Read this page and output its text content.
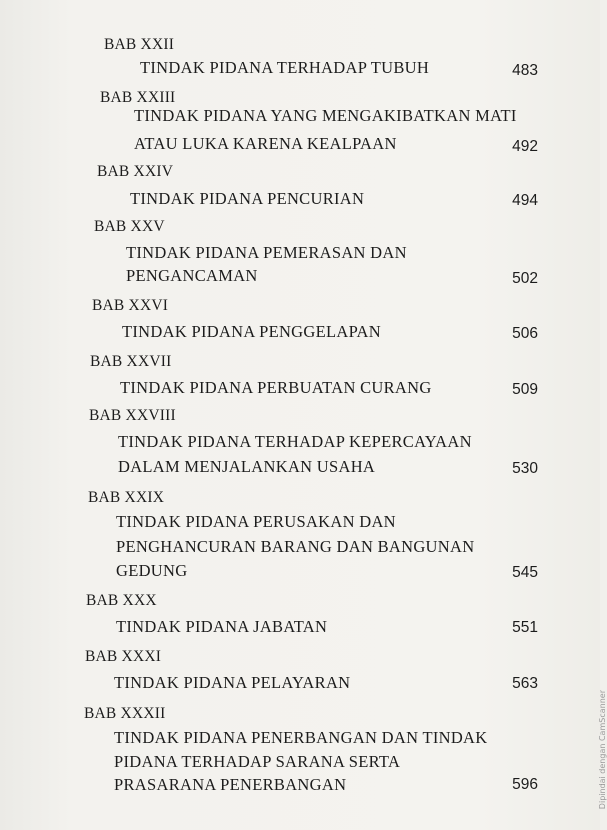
BAB XXII
TINDAK PIDANA TERHADAP TUBUH	483
BAB XXIII
TINDAK PIDANA YANG MENGAKIBATKAN MATI
ATAU LUKA KARENA KEALPAAN	492
BAB XXIV
TINDAK PIDANA PENCURIAN	494
BAB XXV
TINDAK PIDANA PEMERASAN DAN
PENGANCAMAN	502
BAB XXVI
TINDAK PIDANA PENGGELAPAN	506
BAB XXVII
TINDAK PIDANA PERBUATAN CURANG	509
BAB XXVIII
TINDAK PIDANA TERHADAP KEPERCAYAAN
DALAM MENJALANKAN USAHA	530
BAB XXIX
TINDAK PIDANA PERUSAKAN DAN
PENGHANCURAN BARANG DAN BANGUNAN
GEDUNG	545
BAB XXX
TINDAK PIDANA JABATAN	551
BAB XXXI
TINDAK PIDANA PELAYARAN	563
BAB XXXII
TINDAK PIDANA PENERBANGAN DAN TINDAK
PIDANA TERHADAP SARANA SERTA
PRASARANA PENERBANGAN	596	Dipindai dengan CamScanner
